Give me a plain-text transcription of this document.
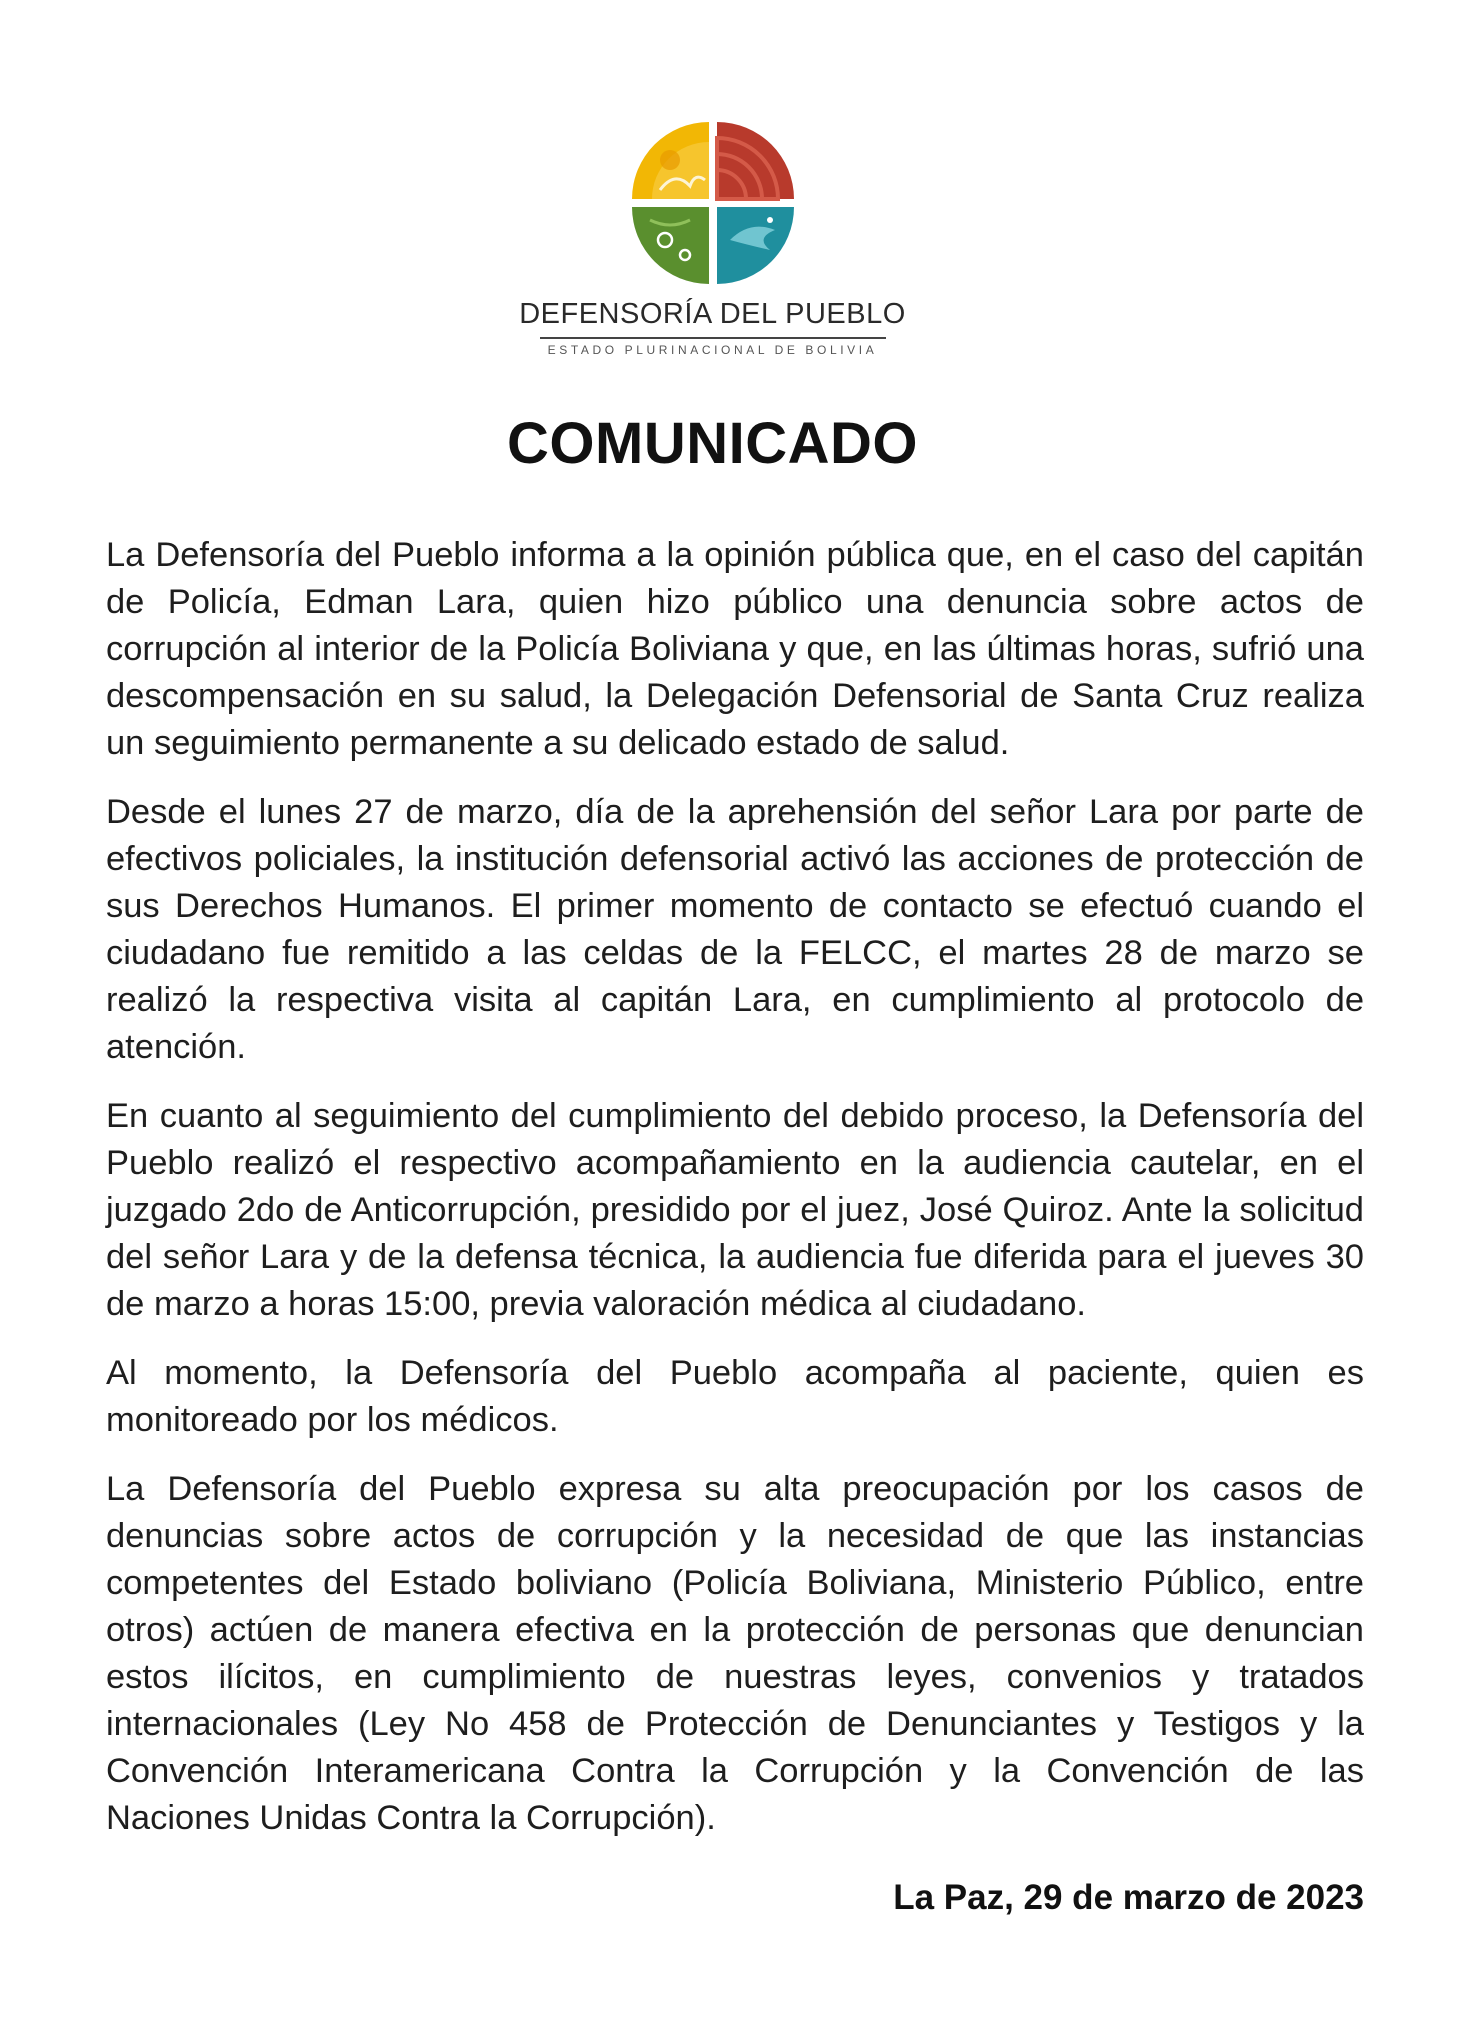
DEFENSORÍA DEL PUEBLO
ESTADO PLURINACIONAL DE BOLIVIA
COMUNICADO

La Defensoría del Pueblo informa a la opinión pública que, en el caso del capitán de Policía, Edman Lara, quien hizo público una denuncia sobre actos de corrupción al interior de la Policía Boliviana y que, en las últimas horas, sufrió una descompensación en su salud, la Delegación Defensorial de Santa Cruz realiza un seguimiento permanente a su delicado estado de salud.

Desde el lunes 27 de marzo, día de la aprehensión del señor Lara por parte de efectivos policiales, la institución defensorial activó las acciones de protección de sus Derechos Humanos. El primer momento de contacto se efectuó cuando el ciudadano fue remitido a las celdas de la FELCC, el martes 28 de marzo se realizó la respectiva visita al capitán Lara, en cumplimiento al protocolo de atención.

En cuanto al seguimiento del cumplimiento del debido proceso, la Defensoría del Pueblo realizó el respectivo acompañamiento en la audiencia cautelar, en el juzgado 2do de Anticorrupción, presidido por el juez, José Quiroz. Ante la solicitud del señor Lara y de la defensa técnica, la audiencia fue diferida para el jueves 30 de marzo a horas 15:00, previa valoración médica al ciudadano.

Al momento, la Defensoría del Pueblo acompaña al paciente, quien es monitoreado por los médicos.

La Defensoría del Pueblo expresa su alta preocupación por los casos de denuncias sobre actos de corrupción y la necesidad de que las instancias competentes del Estado boliviano (Policía Boliviana, Ministerio Público, entre otros) actúen de manera efectiva en la protección de personas que denuncian estos ilícitos, en cumplimiento de nuestras leyes, convenios y tratados internacionales (Ley No 458 de Protección de Denunciantes y Testigos y la Convención Interamericana Contra la Corrupción y la Convención de las Naciones Unidas Contra la Corrupción).

La Paz, 29 de marzo de 2023
